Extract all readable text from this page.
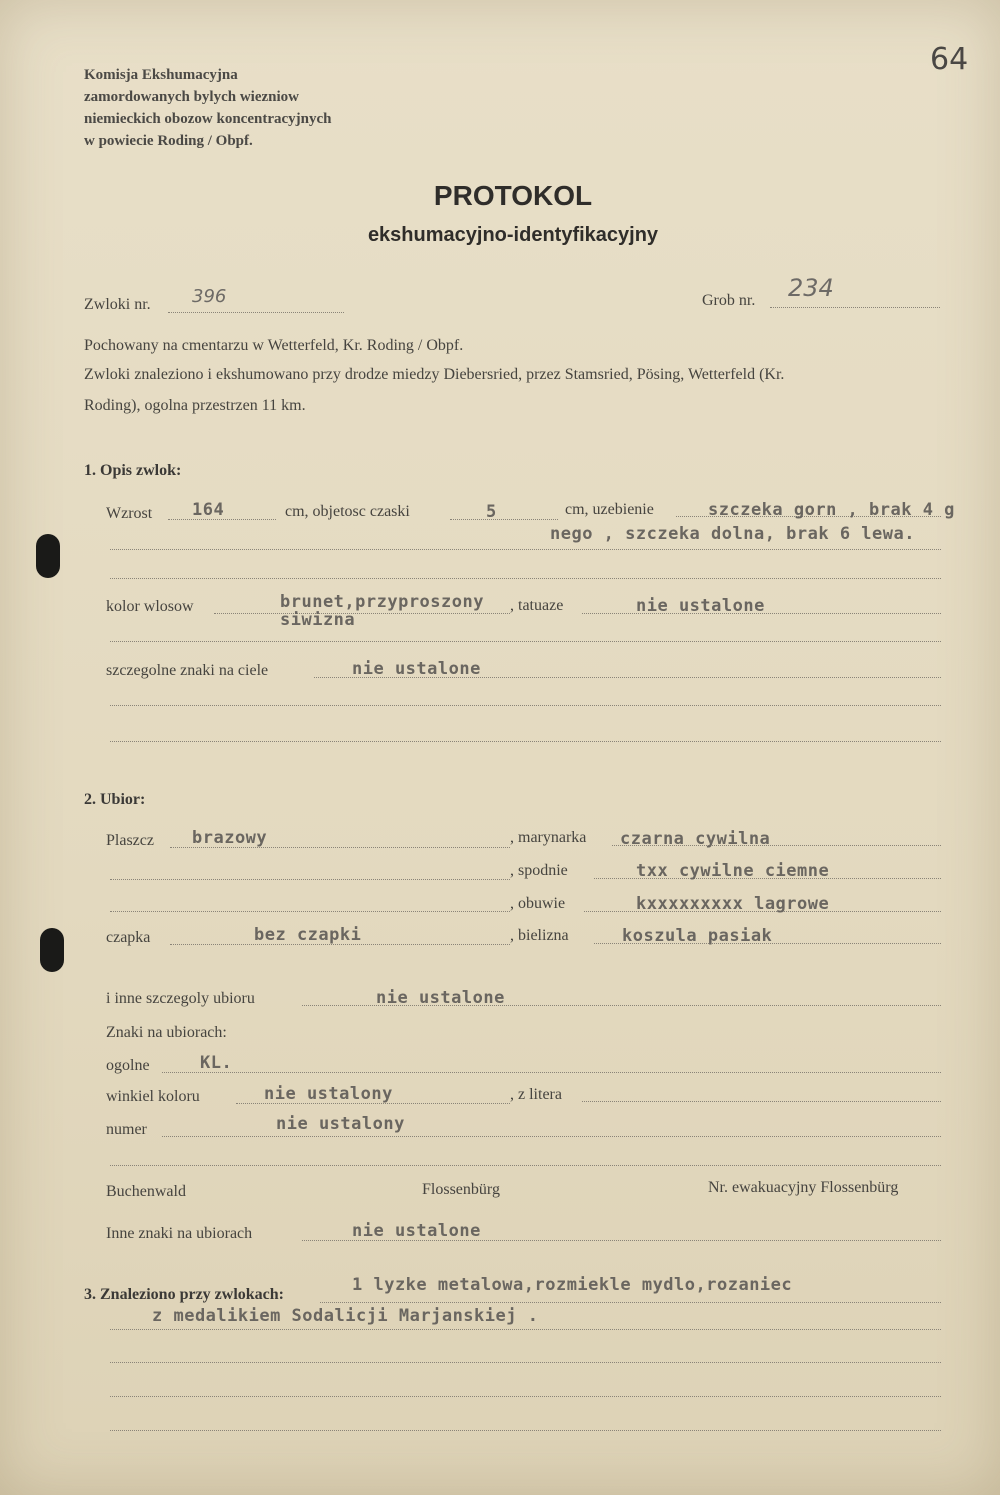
64
Komisja Ekshumacyjna
zamordowanych bylych wiezniow
niemieckich obozow koncentracyjnych
w powiecie Roding / Obpf.
PROTOKOL
ekshumacyjno-identyfikacyjny
Zwloki nr. 396	Grob nr. 234
Pochowany na cmentarzu w Wetterfeld, Kr. Roding / Obpf.
Zwloki znaleziono i ekshumowano przy drodze miedzy Diebersried, przez Stamsried, Pösing, Wetterfeld (Kr.
Roding), ogolna przestrzen 11 km.
1. Opis zwlok:
Wzrost 164	cm, objetosc czaski	5	cm, uzebienie	szczeka gorn , brak 4 g
nego , szczeka dolna, brak 6 lewa.
kolor wlosow	brunet,przyproszony
siwizna
, tatuaze	nie ustalone
szczegolne znaki na ciele	nie ustalone
2. Ubior:
Plaszcz brazowy	, marynarka czarna cywilna
, spodnie	txx cywilne ciemne
, obuwie	kxxxxxxxxx lagrowe
czapka	bez czapki	, bielizna	koszula pasiak
i inne szczegoly ubioru	nie ustalone
Znaki na ubiorach:
ogolne	KL.
winkiel koloru	nie ustalony	, z litera
numer	nie ustalony
Buchenwald	Flossenbürg	Nr. ewakuacyjny Flossenbürg
Inne znaki na ubiorach	nie ustalone
3. Znaleziono przy zwlokach:	1 lyzke metalowa,rozmiekle mydlo,rozaniec
z medalikiem Sodalicji Marjanskiej .
